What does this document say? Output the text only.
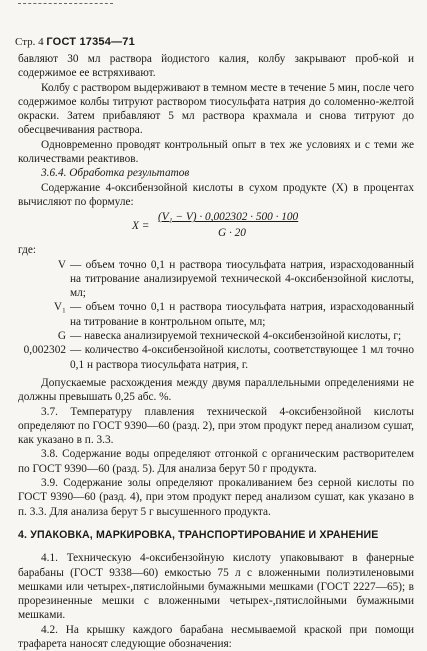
Стр. 4 ГОСТ 17354—71

бавляют 30 мл раствора йодистого калия, колбу закрывают проб-кой и содержимое ее встряхивают.

Колбу с раствором выдерживают в темном месте в течение 5 мин, после чего содержимое колбы титруют раствором тиосульфата натрия до соломенно-желтой окраски. Затем прибавляют 5 мл раствора крахмала и снова титруют до обесцвечивания раствора.

Одновременно проводят контрольный опыт в тех же условиях и с теми же количествами реактивов.

3.6.4. Обработка результатов

Содержание 4-оксибензойной кислоты в сухом продукте (X) в процентах вычисляют по формуле:

X =
(V₁ − V) · 0,002302 · 500 · 100
G · 20

где:

V — объем точно 0,1 н раствора тиосульфата натрия, израсходованный на титрование анализируемой технической 4-оксибензойной кислоты, мл;
V₁ — объем точно 0,1 н раствора тиосульфата натрия, израсходованный на титрование в контрольном опыте, мл;
G — навеска анализируемой технической 4-оксибензойной кислоты, г;
0,002302 — количество 4-оксибензойной кислоты, соответствующее 1 мл точно 0,1 н раствора тиосульфата натрия, г.

Допускаемые расхождения между двумя параллельными определениями не должны превышать 0,25 абс. %.

3.7. Температуру плавления технической 4-оксибензойной кислоты определяют по ГОСТ 9390—60 (разд. 2), при этом продукт перед анализом сушат, как указано в п. 3.3.

3.8. Содержание воды определяют отгонкой с органическим растворителем по ГОСТ 9390—60 (разд. 5). Для анализа берут 50 г продукта.

3.9. Содержание золы определяют прокаливанием без серной кислоты по ГОСТ 9390—60 (разд. 4), при этом продукт перед анализом сушат, как указано в п. 3.3. Для анализа берут 5 г высушенного продукта.

4. УПАКОВКА, МАРКИРОВКА, ТРАНСПОРТИРОВАНИЕ И ХРАНЕНИЕ

4.1. Техническую 4-оксибензойную кислоту упаковывают в фанерные барабаны (ГОСТ 9338—60) емкостью 75 л с вложенными полиэтиленовыми мешками или четырех-,пятислойными бумажными мешками (ГОСТ 2227—65); в прорезиненные мешки с вложенными четырех-,пятислойными бумажными мешками.

4.2. На крышку каждого барабана несмываемой краской при помощи трафарета наносят следующие обозначения:
